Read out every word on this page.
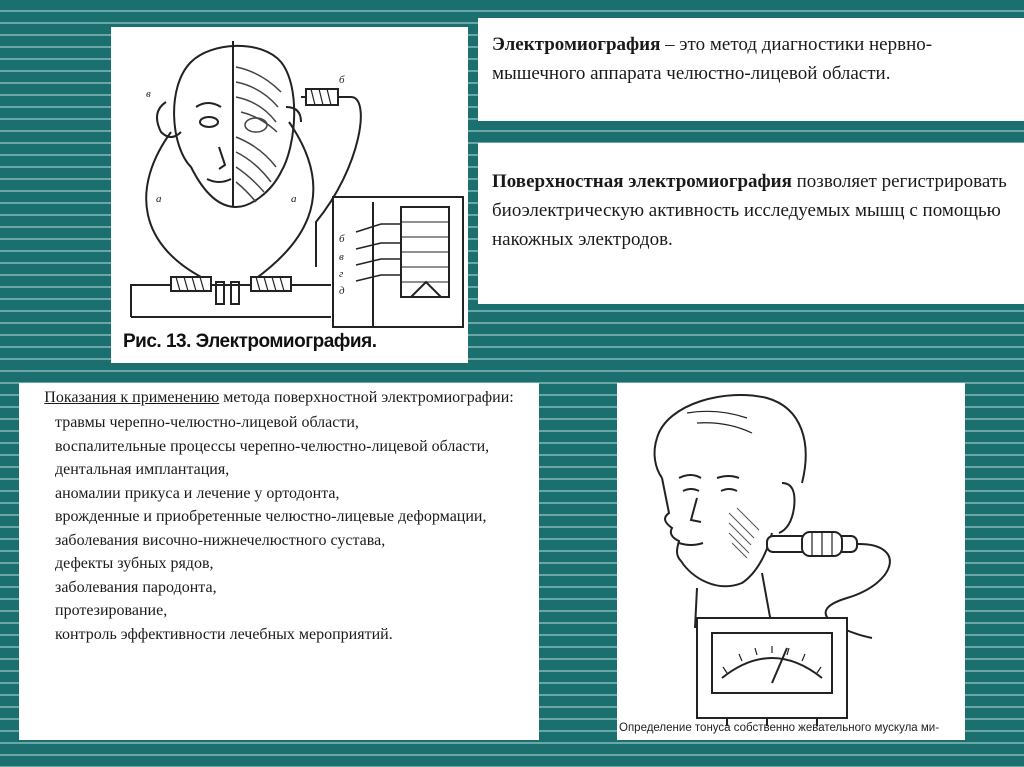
в
б
а	а
б
в
г
д
Рис. 13. Электромиография.

Электромиография – это метод диагностики нервно-мышечного аппарата челюстно-лицевой области.

Поверхностная электромиография позволяет регистрировать биоэлектрическую активность исследуемых мышц с помощью накожных электродов.

Показания к применению метода поверхностной электромиографии:

травмы черепно-челюстно-лицевой области,
воспалительные процессы черепно-челюстно-лицевой области,
дентальная имплантация,
аномалии прикуса и лечение у ортодонта,
врожденные и приобретенные челюстно-лицевые деформации,
заболевания височно-нижнечелюстного сустава,
дефекты зубных рядов,
заболевания пародонта,
протезирование,
контроль эффективности лечебных мероприятий.
Определение тонуса собственно жевательного мускула ми-
